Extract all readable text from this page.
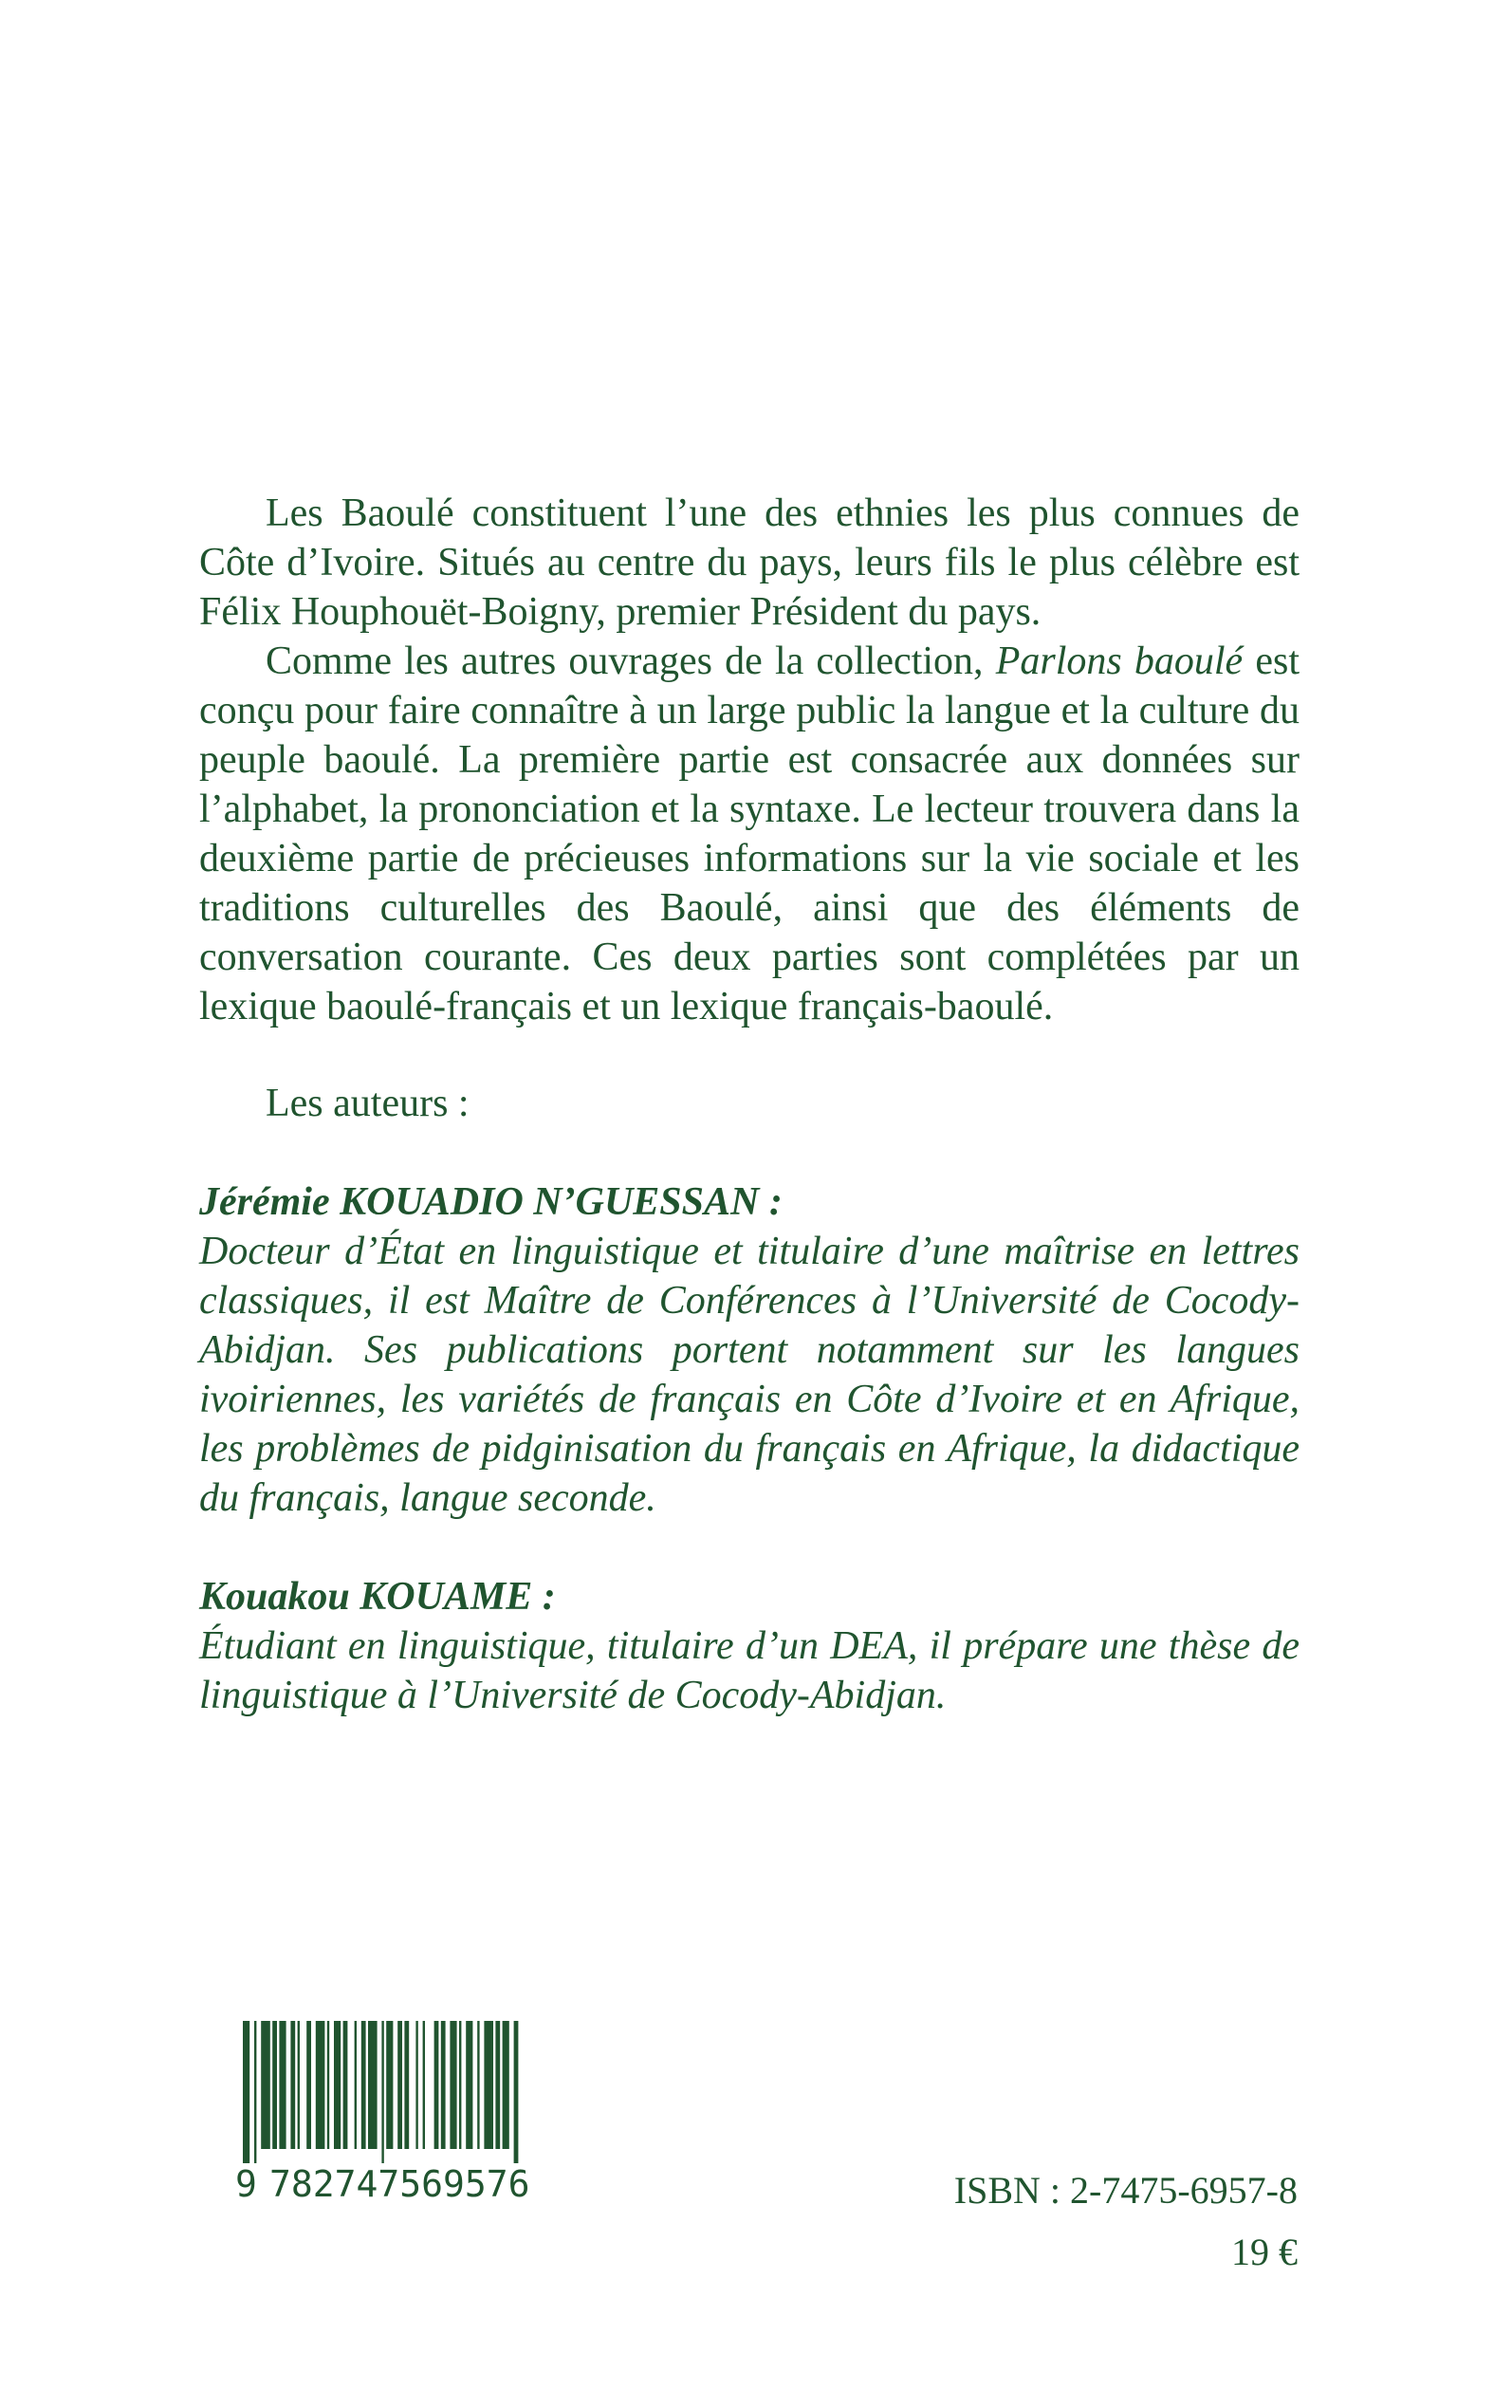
Les Baoulé constituent l’une des ethnies les plus connues de Côte d’Ivoire. Situés au centre du pays, leurs fils le plus célèbre est Félix Houphouët-Boigny, premier Président du pays.

Comme les autres ouvrages de la collection, Parlons baoulé est conçu pour faire connaître à un large public la langue et la culture du peuple baoulé. La première partie est consacrée aux données sur l’alphabet, la prononciation et la syntaxe. Le lecteur trouvera dans la deuxième partie de précieuses informations sur la vie sociale et les traditions culturelles des Baoulé, ainsi que des éléments de conversation courante. Ces deux parties sont complétées par un lexique baoulé-français et un lexique français-baoulé.

Les auteurs :

Jérémie KOUADIO N’GUESSAN :

Docteur d’État en linguistique et titulaire d’une maîtrise en lettres classiques, il est Maître de Conférences à l’Université de Cocody-Abidjan. Ses publications portent notamment sur les langues ivoiriennes, les variétés de français en Côte d’Ivoire et en Afrique, les problèmes de pidginisation du français en Afrique, la didactique du français, langue seconde.

Kouakou KOUAME :

Étudiant en linguistique, titulaire d’un DEA, il prépare une thèse de linguistique à l’Université de Cocody-Abidjan.

9 782747569576	ISBN : 2-7475-6957-8
19 €
